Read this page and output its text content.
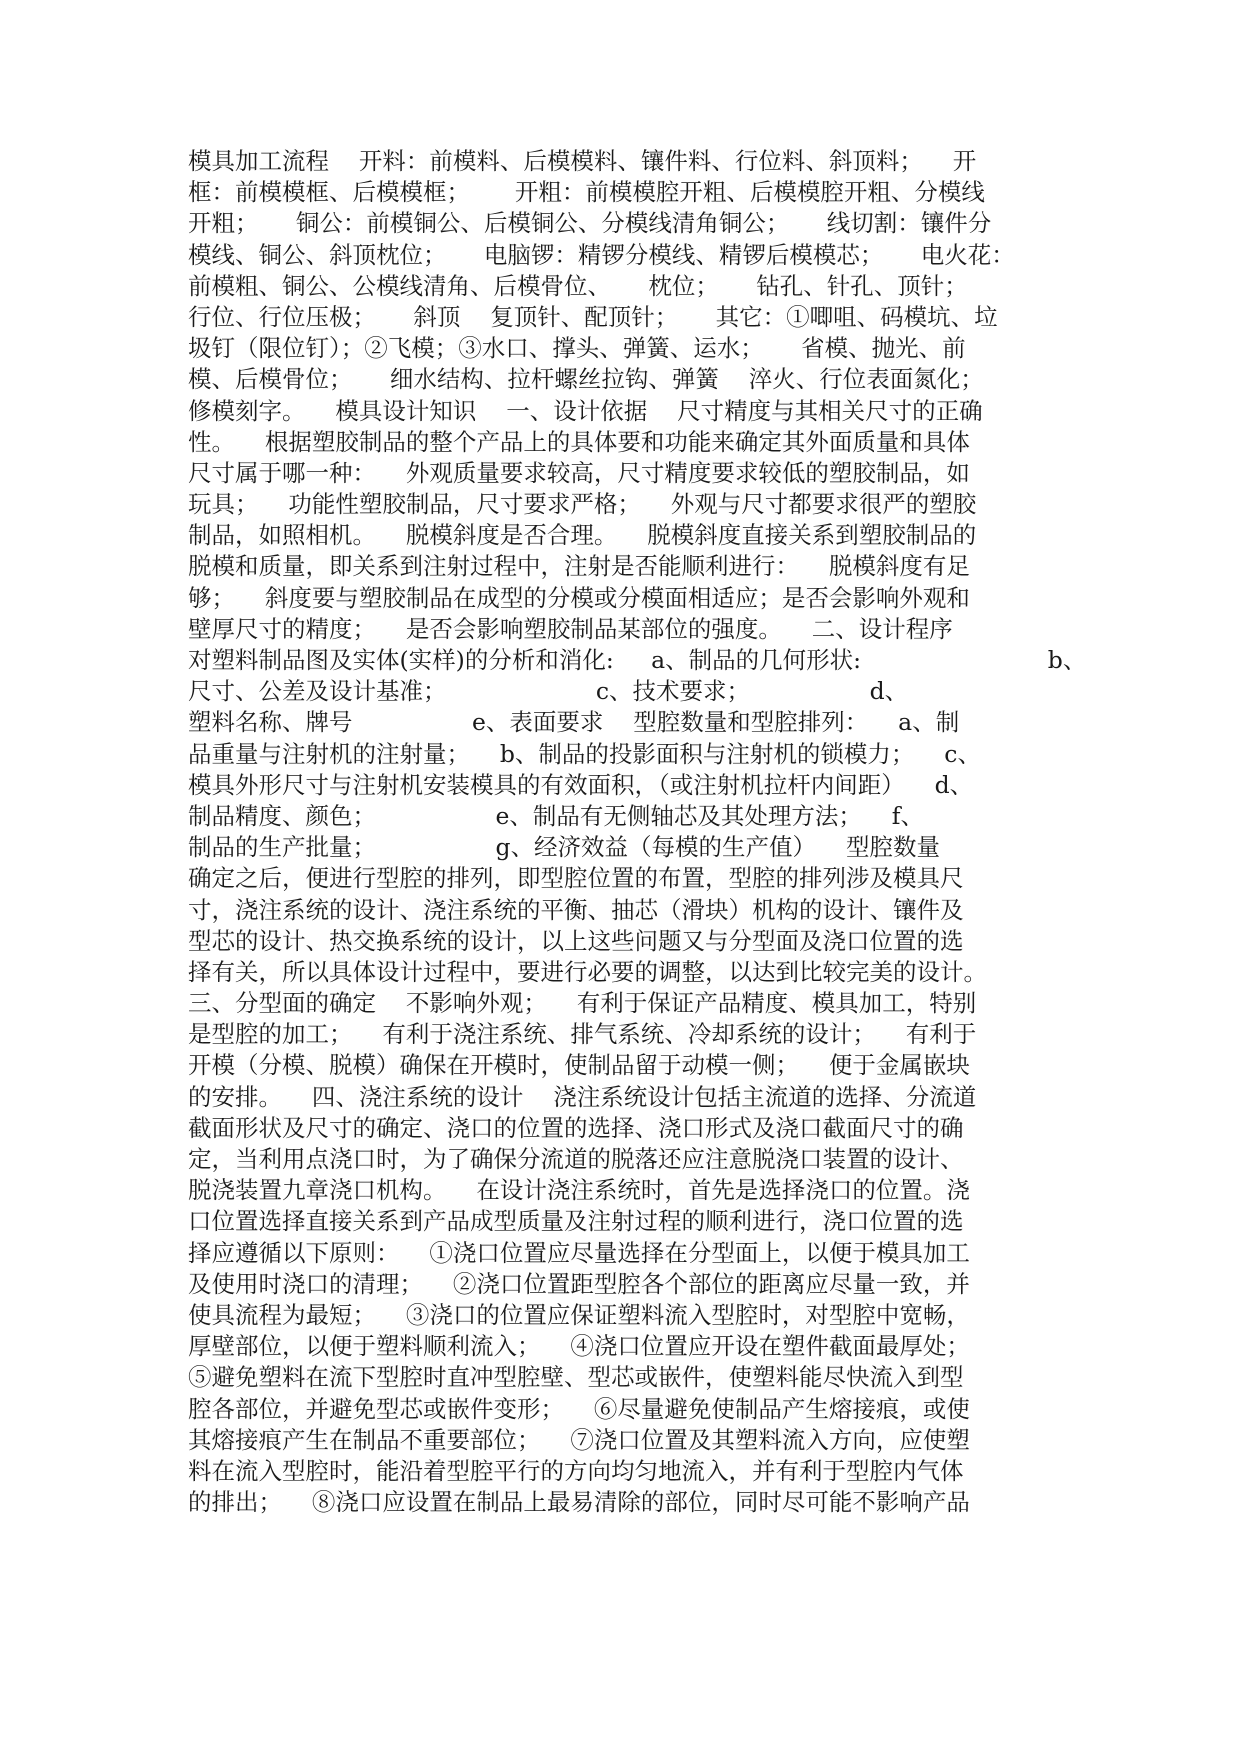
模具加工流程    开料：前模料、后模模料、镶件料、行位料、斜顶料；    开
框：前模模框、后模模框；      开粗：前模模腔开粗、后模模腔开粗、分模线
开粗；     铜公：前模铜公、后模铜公、分模线清角铜公；     线切割：镶件分
模线、铜公、斜顶枕位；     电脑锣：精锣分模线、精锣后模模芯；     电火花：
前模粗、铜公、公模线清角、后模骨位、     枕位；     钻孔、针孔、顶针；
行位、行位压极；     斜顶    复顶针、配顶针；     其它：①唧咀、码模坑、垃
圾钉（限位钉）；②飞模；③水口、撑头、弹簧、运水；     省模、抛光、前
模、后模骨位；     细水结构、拉杆螺丝拉钩、弹簧    淬火、行位表面氮化；
修模刻字。    模具设计知识    一、设计依据    尺寸精度与其相关尺寸的正确
性。    根据塑胶制品的整个产品上的具体要和功能来确定其外面质量和具体
尺寸属于哪一种：    外观质量要求较高，尺寸精度要求较低的塑胶制品，如
玩具；    功能性塑胶制品，尺寸要求严格；    外观与尺寸都要求很严的塑胶
制品，如照相机。    脱模斜度是否合理。    脱模斜度直接关系到塑胶制品的
脱模和质量，即关系到注射过程中，注射是否能顺利进行：    脱模斜度有足
够；    斜度要与塑胶制品在成型的分模或分模面相适应；是否会影响外观和
壁厚尺寸的精度；    是否会影响塑胶制品某部位的强度。    二、设计程序
对塑料制品图及实体(实样)的分析和消化:     a、制品的几何形状:                         b、
尺寸、公差及设计基准；                    c、技术要求；                d、
塑料名称、牌号                e、表面要求    型腔数量和型腔排列：    a、制
品重量与注射机的注射量；    b、制品的投影面积与注射机的锁模力；    c、
模具外形尺寸与注射机安装模具的有效面积，（或注射机拉杆内间距）    d、
制品精度、颜色；                e、制品有无侧轴芯及其处理方法；    f、
制品的生产批量；                g、经济效益（每模的生产值）    型腔数量
确定之后，便进行型腔的排列，即型腔位置的布置，型腔的排列涉及模具尺
寸，浇注系统的设计、浇注系统的平衡、抽芯（滑块）机构的设计、镶件及
型芯的设计、热交换系统的设计，以上这些问题又与分型面及浇口位置的选
择有关，所以具体设计过程中，要进行必要的调整，以达到比较完美的设计。
三、分型面的确定    不影响外观；    有利于保证产品精度、模具加工，特别
是型腔的加工；    有利于浇注系统、排气系统、冷却系统的设计；    有利于
开模（分模、脱模）确保在开模时，使制品留于动模一侧；    便于金属嵌块
的安排。    四、浇注系统的设计    浇注系统设计包括主流道的选择、分流道
截面形状及尺寸的确定、浇口的位置的选择、浇口形式及浇口截面尺寸的确
定，当利用点浇口时，为了确保分流道的脱落还应注意脱浇口装置的设计、
脱浇装置九章浇口机构。    在设计浇注系统时，首先是选择浇口的位置。浇
口位置选择直接关系到产品成型质量及注射过程的顺利进行，浇口位置的选
择应遵循以下原则：    ①浇口位置应尽量选择在分型面上，以便于模具加工
及使用时浇口的清理；    ②浇口位置距型腔各个部位的距离应尽量一致，并
使具流程为最短；    ③浇口的位置应保证塑料流入型腔时，对型腔中宽畅，
厚壁部位，以便于塑料顺利流入；    ④浇口位置应开设在塑件截面最厚处；
⑤避免塑料在流下型腔时直冲型腔壁、型芯或嵌件，使塑料能尽快流入到型
腔各部位，并避免型芯或嵌件变形；    ⑥尽量避免使制品产生熔接痕，或使
其熔接痕产生在制品不重要部位；    ⑦浇口位置及其塑料流入方向，应使塑
料在流入型腔时，能沿着型腔平行的方向均匀地流入，并有利于型腔内气体
的排出；    ⑧浇口应设置在制品上最易清除的部位，同时尽可能不影响产品
